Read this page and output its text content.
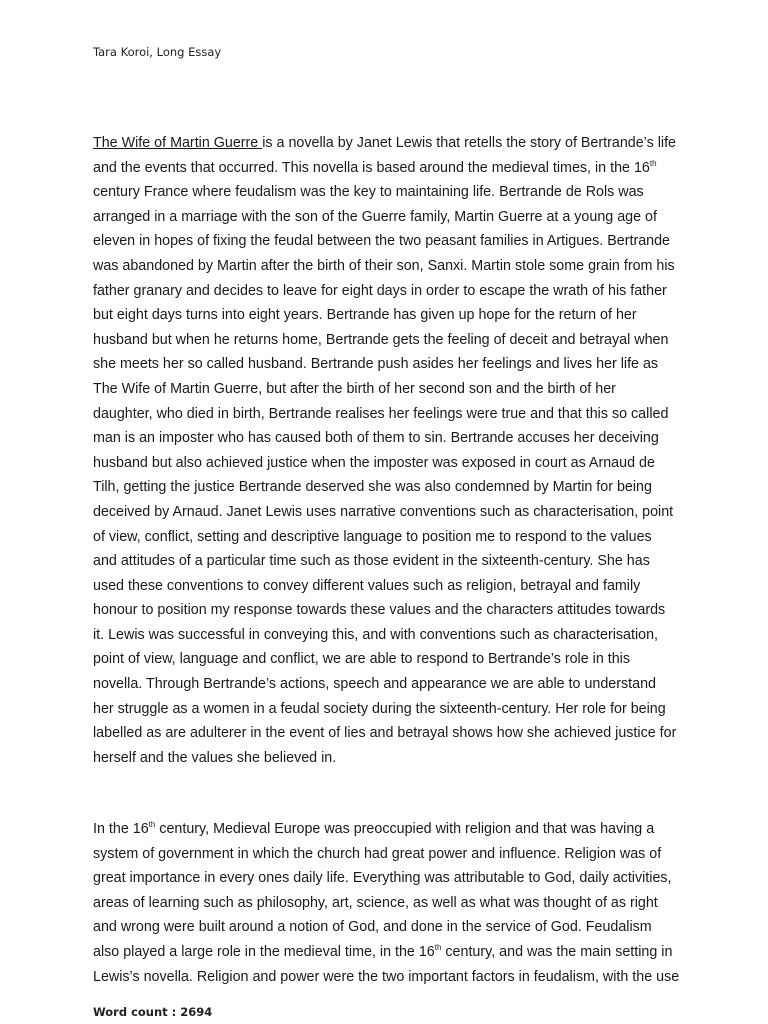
Tara Koroi, Long Essay
The Wife of Martin Guerre is a novella by Janet Lewis that retells the story of Bertrande’s life
and the events that occurred. This novella is based around the medieval times, in the 16th
century France where feudalism was the key to maintaining life. Bertrande de Rols was
arranged in a marriage with the son of the Guerre family, Martin Guerre at a young age of
eleven in hopes of fixing the feudal between the two peasant families in Artigues. Bertrande
was abandoned by Martin after the birth of their son, Sanxi. Martin stole some grain from his
father granary and decides to leave for eight days in order to escape the wrath of his father
but eight days turns into eight years. Bertrande has given up hope for the return of her
husband but when he returns home, Bertrande gets the feeling of deceit and betrayal when
she meets her so called husband. Bertrande push asides her feelings and lives her life as
The Wife of Martin Guerre, but after the birth of her second son and the birth of her
daughter, who died in birth, Bertrande realises her feelings were true and that this so called
man is an imposter who has caused both of them to sin. Bertrande accuses her deceiving
husband but also achieved justice when the imposter was exposed in court as Arnaud de
Tilh, getting the justice Bertrande deserved she was also condemned by Martin for being
deceived by Arnaud. Janet Lewis uses narrative conventions such as characterisation, point
of view, conflict, setting and descriptive language to position me to respond to the values
and attitudes of a particular time such as those evident in the sixteenth-century. She has
used these conventions to convey different values such as religion, betrayal and family
honour to position my response towards these values and the characters attitudes towards
it. Lewis was successful in conveying this, and with conventions such as characterisation,
point of view, language and conflict, we are able to respond to Bertrande’s role in this
novella. Through Bertrande’s actions, speech and appearance we are able to understand
her struggle as a women in a feudal society during the sixteenth-century. Her role for being
labelled as are adulterer in the event of lies and betrayal shows how she achieved justice for
herself and the values she believed in.
In the 16th century, Medieval Europe was preoccupied with religion and that was having a
system of government in which the church had great power and influence. Religion was of
great importance in every ones daily life. Everything was attributable to God, daily activities,
areas of learning such as philosophy, art, science, as well as what was thought of as right
and wrong were built around a notion of God, and done in the service of God. Feudalism
also played a large role in the medieval time, in the 16th century, and was the main setting in
Lewis’s novella. Religion and power were the two important factors in feudalism, with the use
Word count : 2694
